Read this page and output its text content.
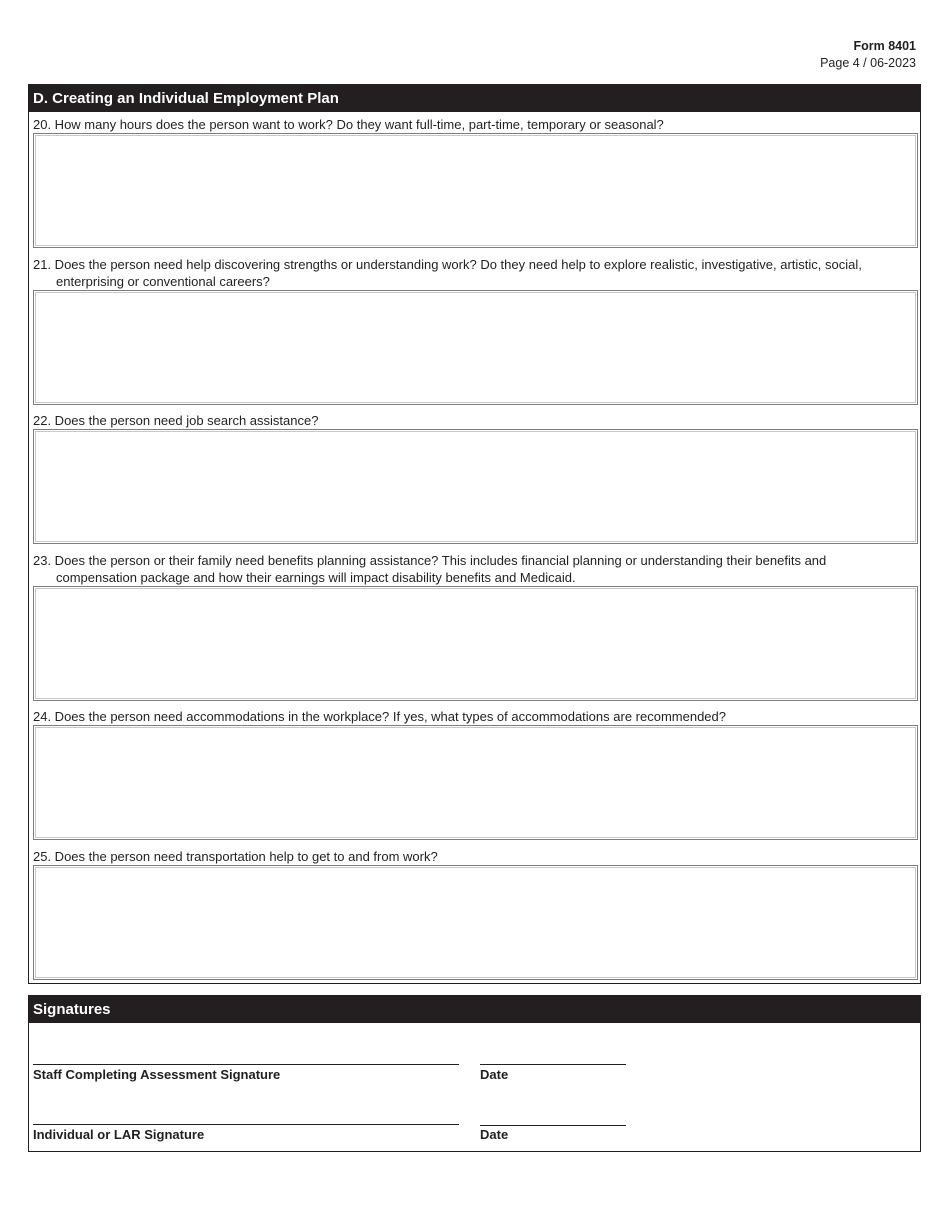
Form 8401
Page 4 / 06-2023
D. Creating an Individual Employment Plan
20. How many hours does the person want to work? Do they want full-time, part-time, temporary or seasonal?
21. Does the person need help discovering strengths or understanding work? Do they need help to explore realistic, investigative, artistic, social, enterprising or conventional careers?
22. Does the person need job search assistance?
23. Does the person or their family need benefits planning assistance? This includes financial planning or understanding their benefits and compensation package and how their earnings will impact disability benefits and Medicaid.
24. Does the person need accommodations in the workplace? If yes, what types of accommodations are recommended?
25. Does the person need transportation help to get to and from work?
Signatures
Staff Completing Assessment Signature	Date
Individual or LAR Signature	Date
